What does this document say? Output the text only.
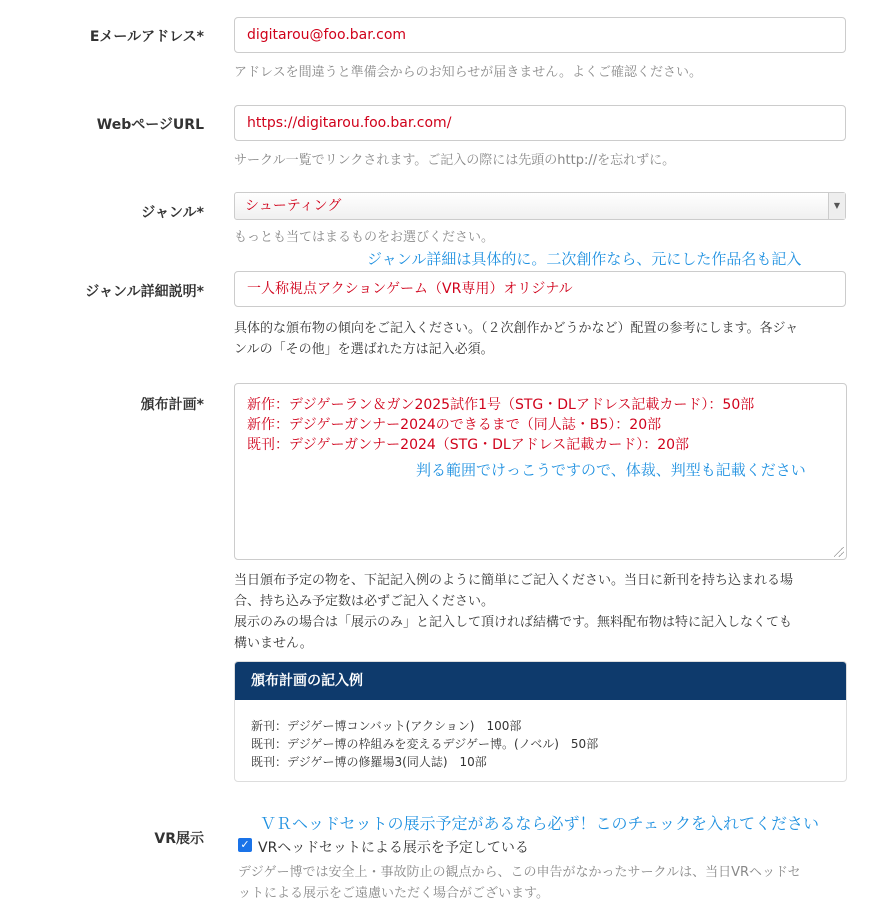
Eメールアドレス*	digitarou@foo.bar.com
アドレスを間違うと準備会からのお知らせが届きません。よくご確認ください。
WebページURL	https://digitarou.foo.bar.com/
サークル一覧でリンクされます。ご記入の際には先頭のhttp://を忘れずに。
ジャンル*	シューティング	▼
もっとも当てはまるものをお選びください。
ジャンル詳細は具体的に。二次創作なら、元にした作品名も記入
ジャンル詳細説明*	一人称視点アクションゲーム（VR専用）オリジナル
具体的な頒布物の傾向をご記入ください。（２次創作かどうかなど）配置の参考にします。各ジャ
ンルの「その他」を選ばれた方は記入必須。
頒布計画*	新作：デジゲーラン＆ガン2025試作1号（STG・DLアドレス記載カード）：50部
新作：デジゲーガンナー2024のできるまで（同人誌・B5）：20部
既刊：デジゲーガンナー2024（STG・DLアドレス記載カード）：20部
判る範囲でけっこうですので、体裁、判型も記載ください
当日頒布予定の物を、下記記入例のように簡単にご記入ください。当日に新刊を持ち込まれる場
合、持ち込み予定数は必ずご記入ください。
展示のみの場合は「展示のみ」と記入して頂ければ結構です。無料配布物は特に記入しなくても
構いません。
頒布計画の記入例
新刊：デジゲー博コンバット(アクション)　100部
既刊：デジゲー博の枠組みを変えるデジゲー博。(ノベル)　50部
既刊：デジゲー博の修羅場3(同人誌)　10部
ＶＲヘッドセットの展示予定があるなら必ず！このチェックを入れてください
VR展示	✓ VRヘッドセットによる展示を予定している
デジゲー博では安全上・事故防止の観点から、この申告がなかったサークルは、当日VRヘッドセ
ットによる展示をご遠慮いただく場合がございます。
